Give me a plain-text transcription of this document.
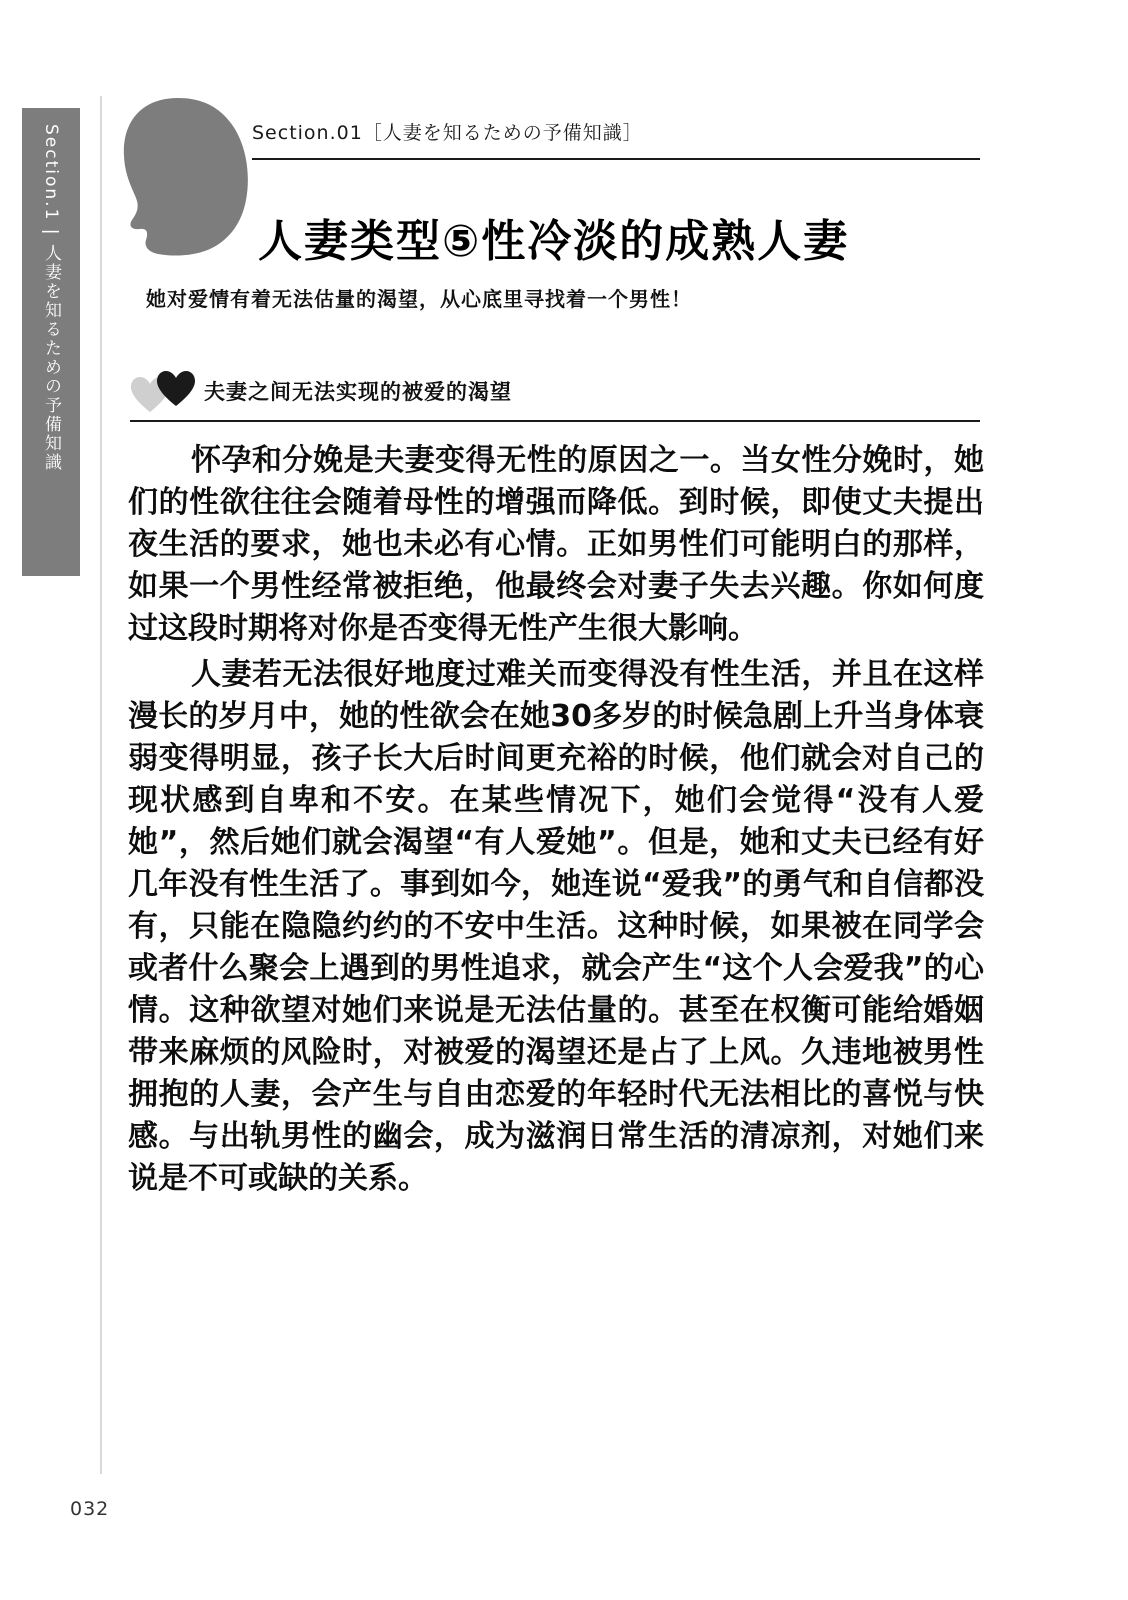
Section.1 | 人妻を知るための予備知識	Section.01［人妻を知るための予備知識］
人妻类型⑤性冷淡的成熟人妻
她对爱情有着无法估量的渴望，从心底里寻找着一个男性！
夫妻之间无法实现的被爱的渴望

怀孕和分娩是夫妻变得无性的原因之一。当女性分娩时，她们的性欲往往会随着母性的增强而降低。到时候，即使丈夫提出夜生活的要求，她也未必有心情。正如男性们可能明白的那样，如果一个男性经常被拒绝，他最终会对妻子失去兴趣。你如何度过这段时期将对你是否变得无性产生很大影响。

人妻若无法很好地度过难关而变得没有性生活，并且在这样漫长的岁月中，她的性欲会在她30多岁的时候急剧上升当身体衰弱变得明显，孩子长大后时间更充裕的时候，他们就会对自己的现状感到自卑和不安。在某些情况下，她们会觉得“没有人爱她”，然后她们就会渴望“有人爱她”。但是，她和丈夫已经有好几年没有性生活了。事到如今，她连说“爱我”的勇气和自信都没有，只能在隐隐约约的不安中生活。这种时候，如果被在同学会或者什么聚会上遇到的男性追求，就会产生“这个人会爱我”的心情。这种欲望对她们来说是无法估量的。甚至在权衡可能给婚姻带来麻烦的风险时，对被爱的渴望还是占了上风。久违地被男性拥抱的人妻，会产生与自由恋爱的年轻时代无法相比的喜悦与快感。与出轨男性的幽会，成为滋润日常生活的清凉剂，对她们来说是不可或缺的关系。

032
